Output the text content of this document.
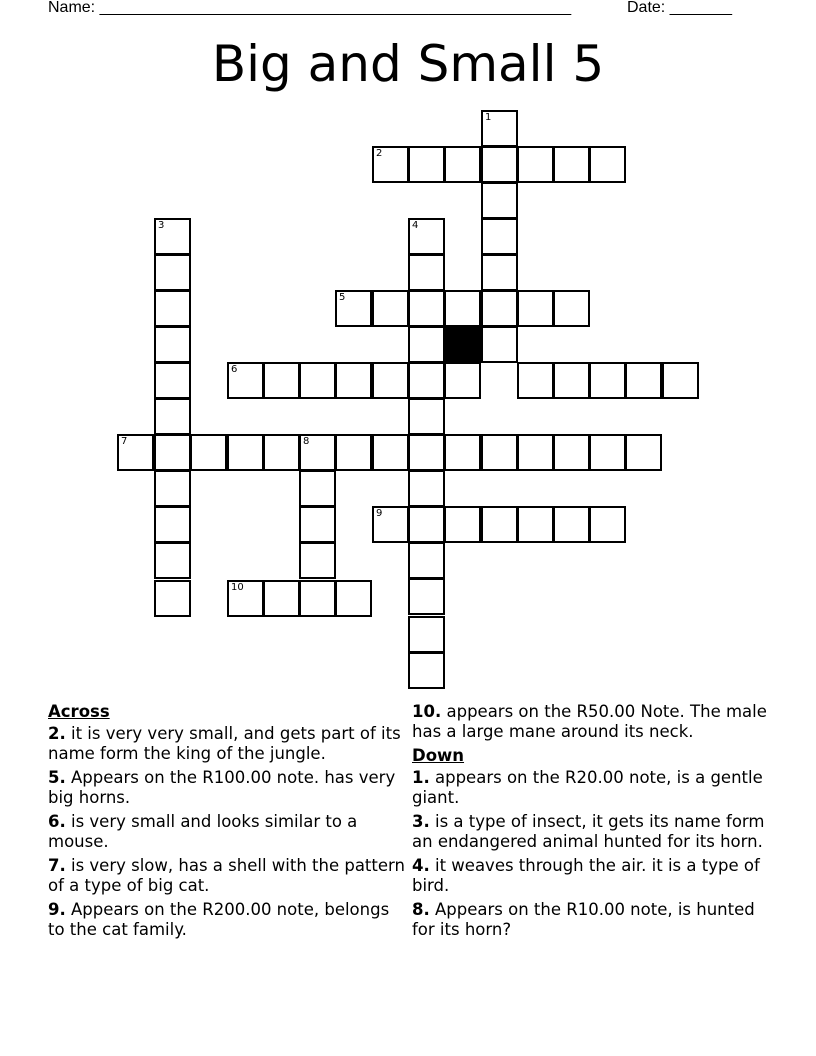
Name: _____________________________________________________	Date: _______
Big and Small 5
1
2
3	4
5
6
7	8
9
10
Across
2. it is very very small, and gets part of its name form the king of the jungle.
5. Appears on the R100.00 note. has very big horns.
6. is very small and looks similar to a mouse.
7. is very slow, has a shell with the pattern of a type of big cat.
9. Appears on the R200.00 note, belongs to the cat family.
10. appears on the R50.00 Note. The male has a large mane around its neck.
Down
1. appears on the R20.00 note, is a gentle giant.
3. is a type of insect, it gets its name form an endangered animal hunted for its horn.
4. it weaves through the air. it is a type of bird.
8. Appears on the R10.00 note, is hunted for its horn?
